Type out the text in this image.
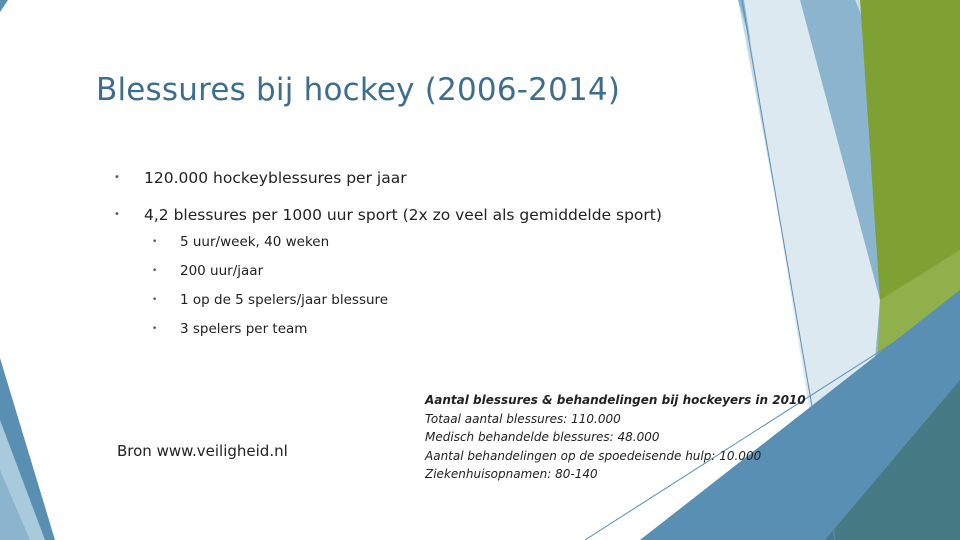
Blessures bij hockey (2006-2014)
• 120.000 hockeyblessures per jaar
• 4,2 blessures per 1000 uur sport (2x zo veel als gemiddelde sport)
• 5 uur/week, 40 weken
• 200 uur/jaar
• 1 op de 5 spelers/jaar blessure
• 3 spelers per team
Bron www.veiligheid.nl
Aantal blessures & behandelingen bij hockeyers in 2010
Totaal aantal blessures: 110.000
Medisch behandelde blessures: 48.000
Aantal behandelingen op de spoedeisende hulp: 10.000
Ziekenhuisopnamen: 80-140
